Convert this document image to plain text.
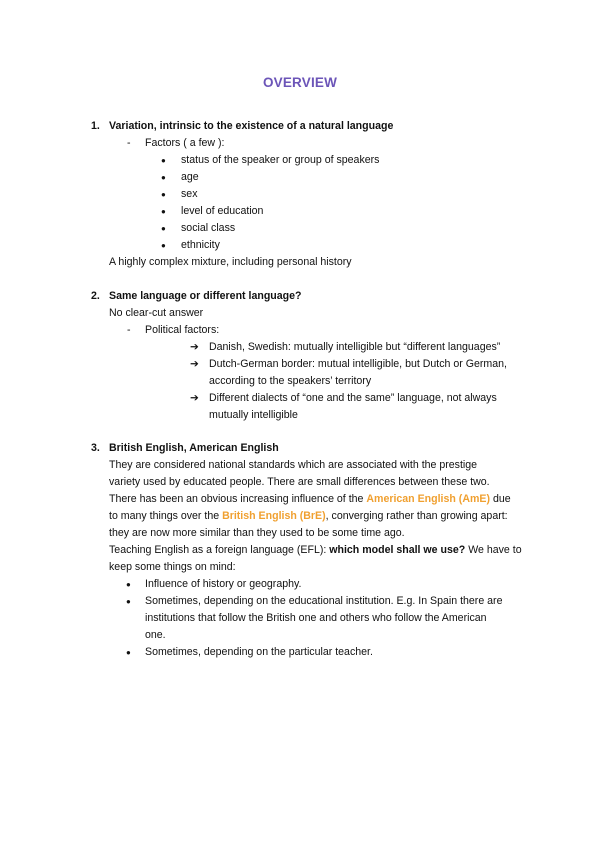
OVERVIEW
1. Variation, intrinsic to the existence of a natural language
- Factors ( a few ):
● status of the speaker or group of speakers
● age
● sex
● level of education
● social class
● ethnicity
A highly complex mixture, including personal history
2. Same language or different language?
No clear-cut answer
- Political factors:
➔ Danish, Swedish: mutually intelligible but “different languages”
➔ Dutch-German border: mutual intelligible, but Dutch or German,
according to the speakers’ territory
➔ Different dialects of “one and the same” language, not always
mutually intelligible
3. British English, American English
They are considered national standards which are associated with the prestige
variety used by educated people. There are small differences between these two.
There has been an obvious increasing influence of the American English (AmE) due
to many things over the British English (BrE), converging rather than growing apart:
they are now more similar than they used to be some time ago.
Teaching English as a foreign language (EFL): which model shall we use? We have to
keep some things on mind:
● Influence of history or geography.
● Sometimes, depending on the educational institution. E.g. In Spain there are
institutions that follow the British one and others who follow the American
one.
● Sometimes, depending on the particular teacher.
